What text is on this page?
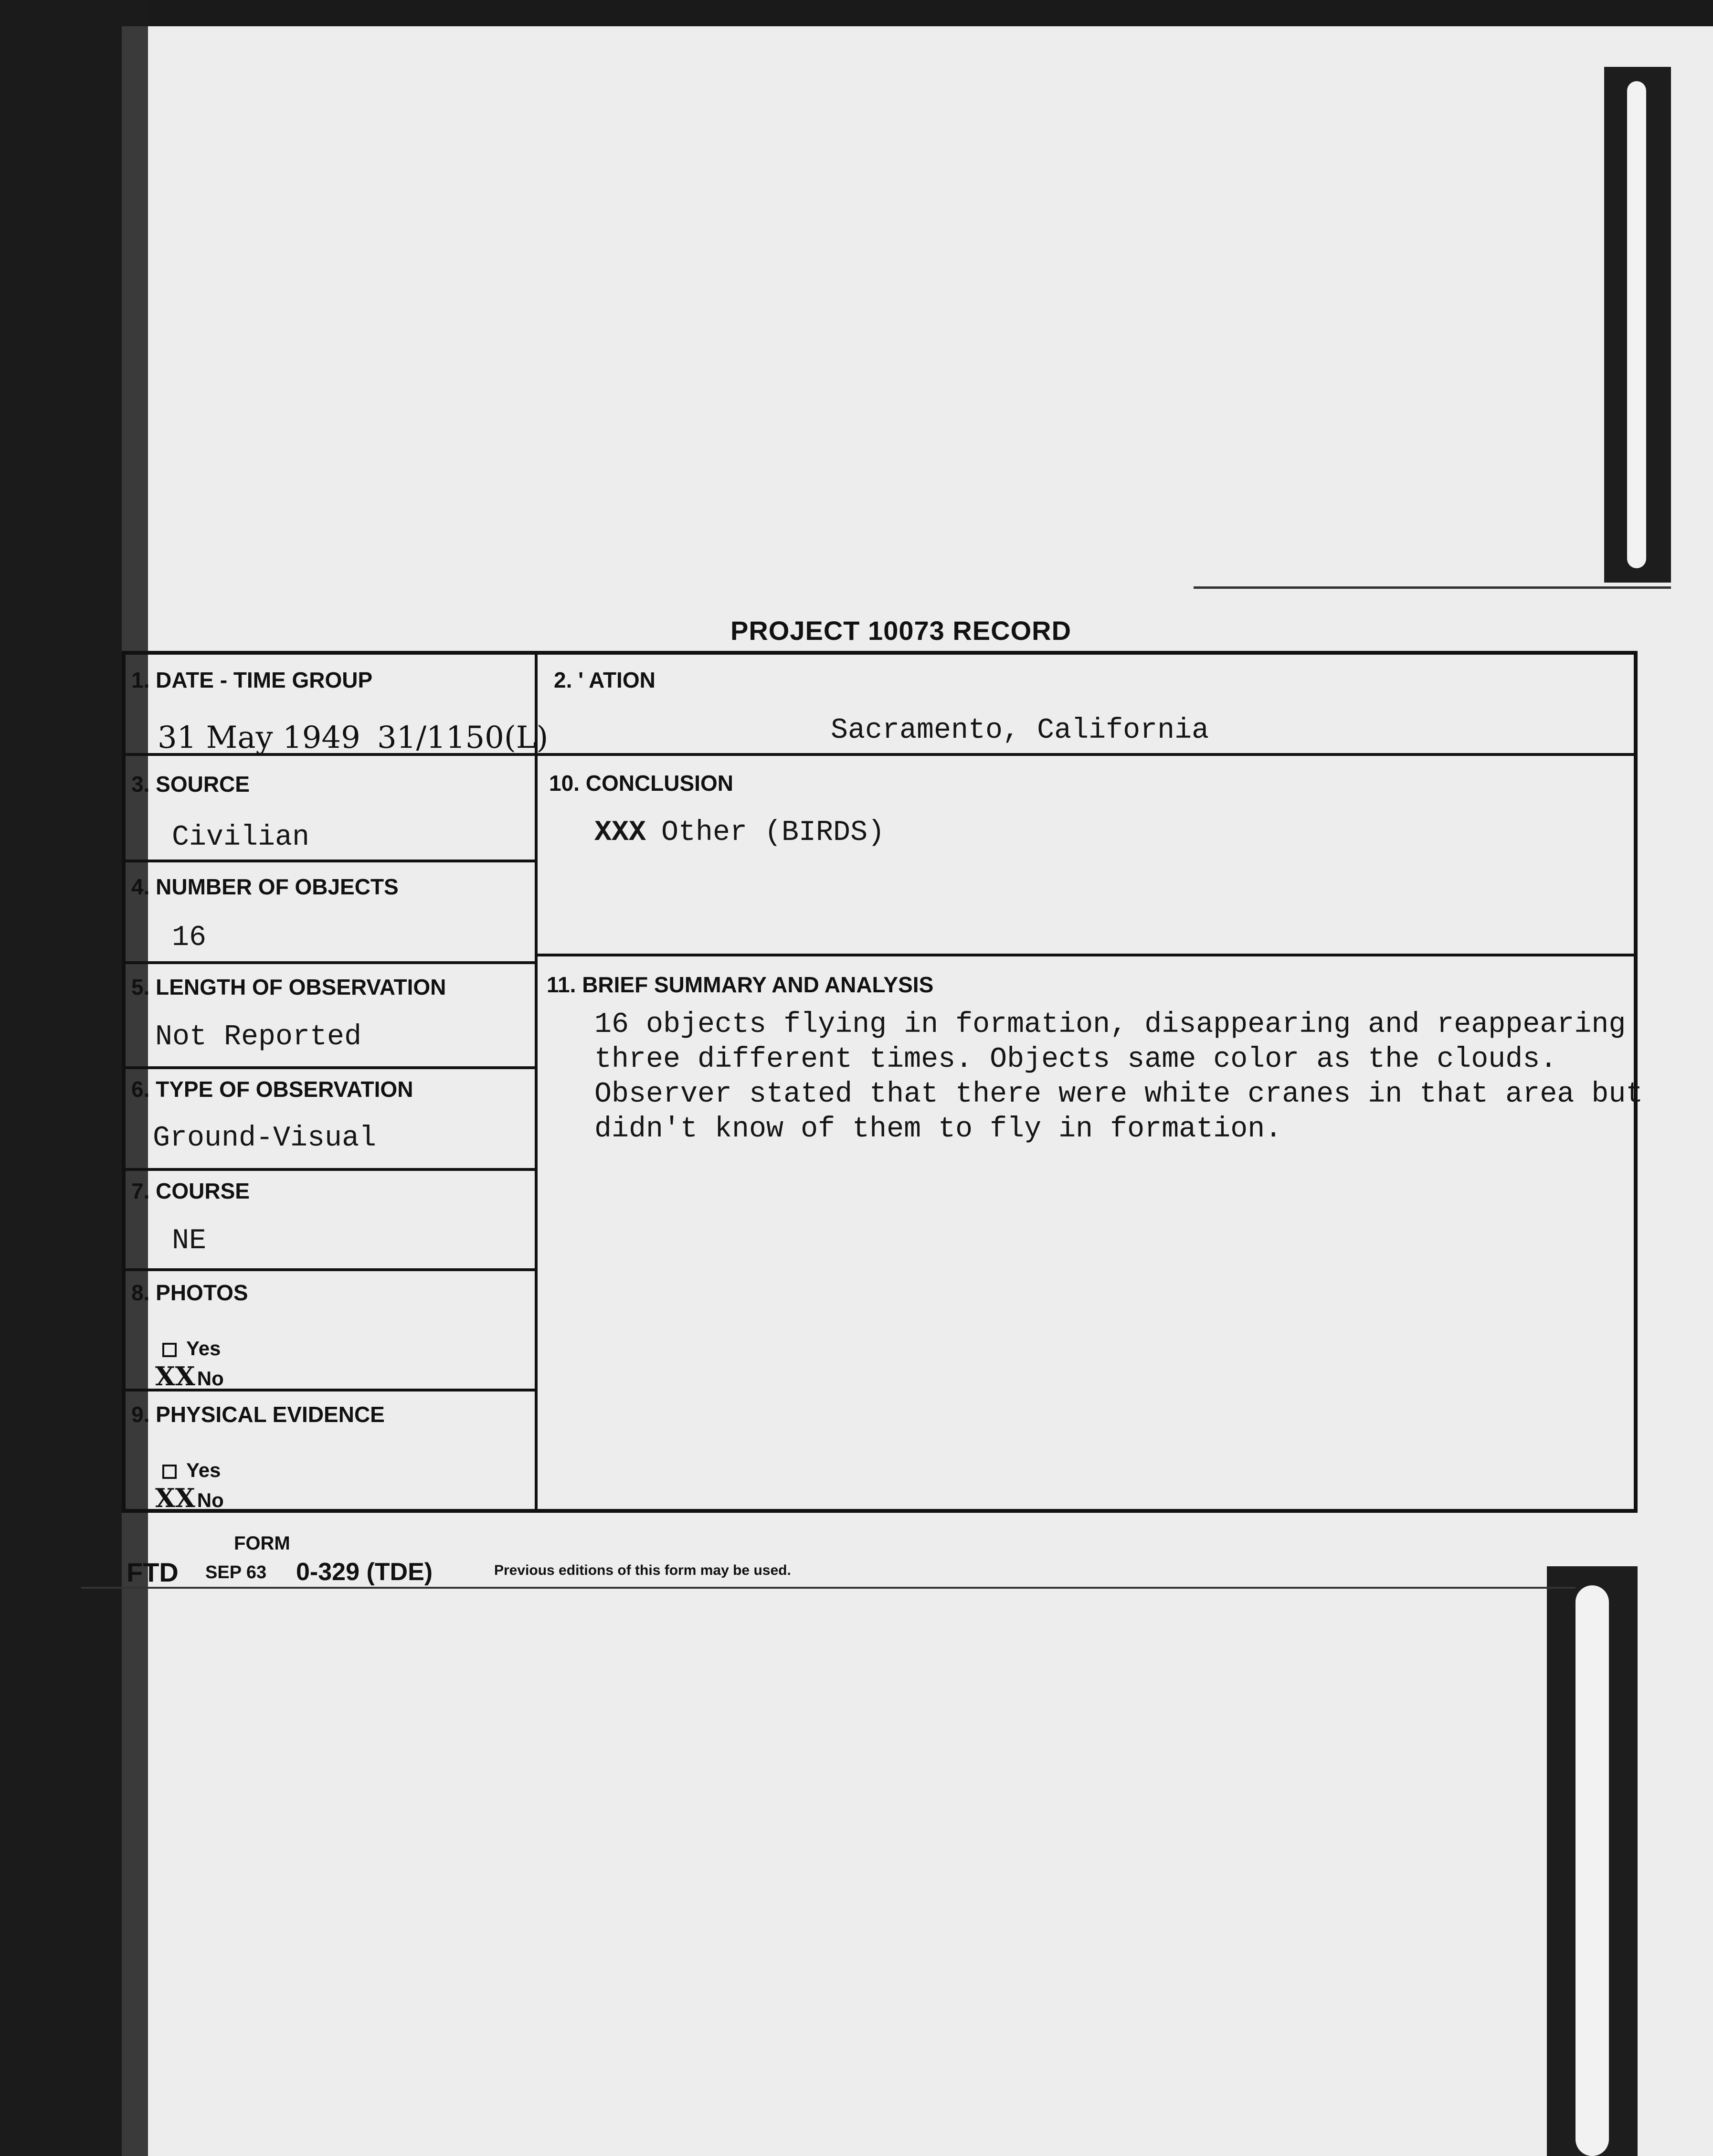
PROJECT 10073 RECORD
1. DATE - TIME GROUP
31 May 1949 31/1150(L)
2. ' ATION
Sacramento, California
3. SOURCE
Civilian
10. CONCLUSION
XXX Other (BIRDS)
4. NUMBER OF OBJECTS
16
5. LENGTH OF OBSERVATION
Not Reported
11. BRIEF SUMMARY AND ANALYSIS
16 objects flying in formation, disappearing and reappearing
three different times. Objects same color as the clouds.
Observer stated that there were white cranes in that area but
didn't know of them to fly in formation.
6. TYPE OF OBSERVATION
Ground-Visual
7. COURSE
NE
8. PHOTOS
Yes
XXNo
9. PHYSICAL EVIDENCE
Yes
XXNo
FORM
FTD SEP 63 0-329 (TDE)	Previous editions of this form may be used.
